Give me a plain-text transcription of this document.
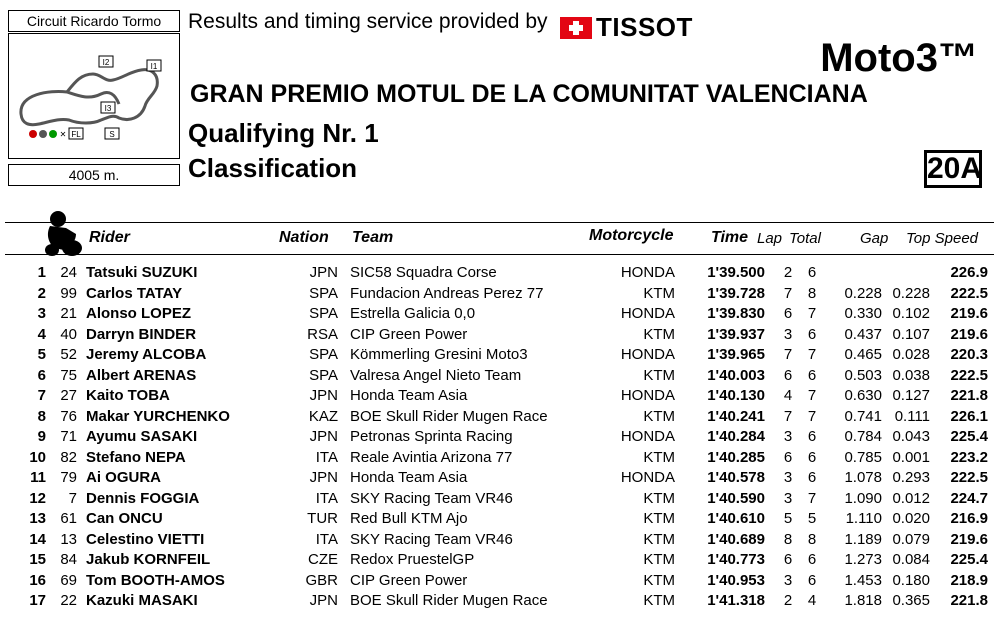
Circuit Ricardo Tormo
I2	I1
I3
✕ FL	S
4005 m.
Results and timing service provided by TISSOT
Moto3™
GRAN PREMIO MOTUL DE LA COMUNITAT VALENCIANA
Qualifying Nr. 1
Classification	20A
Rider	Nation Team	Motorcycle Time Lap Total	Gap Top Speed
1 24 Tatsuki SUZUKI	JPN SIC58 Squadra Corse	HONDA	1'39.500 2 6	226.9
2 99 Carlos TATAY	SPA Fundacion Andreas Perez 77	KTM	1'39.728 7 8	0.228 0.228	222.5
3 21 Alonso LOPEZ	SPA Estrella Galicia 0,0	HONDA	1'39.830 6 7	0.330 0.102	219.6
4 40 Darryn BINDER	RSA CIP Green Power	KTM	1'39.937 3 6	0.437 0.107	219.6
5 52 Jeremy ALCOBA	SPA Kömmerling Gresini Moto3	HONDA	1'39.965 7 7	0.465 0.028	220.3
6 75 Albert ARENAS	SPA Valresa Angel Nieto Team	KTM	1'40.003 6 6	0.503 0.038	222.5
7 27 Kaito TOBA	JPN Honda Team Asia	HONDA	1'40.130 4 7	0.630 0.127	221.8
8 76 Makar YURCHENKO	KAZ BOE Skull Rider Mugen Race	KTM	1'40.241 7 7	0.741 0.111	226.1
9 71 Ayumu SASAKI	JPN Petronas Sprinta Racing	HONDA	1'40.284 3 6	0.784 0.043	225.4
10 82 Stefano NEPA	ITA Reale Avintia Arizona 77	KTM	1'40.285 6 6	0.785 0.001	223.2
11 79 Ai OGURA	JPN Honda Team Asia	HONDA	1'40.578 3 6	1.078 0.293	222.5
12	7 Dennis FOGGIA	ITA SKY Racing Team VR46	KTM	1'40.590 3 7	1.090 0.012	224.7
13 61 Can ONCU	TUR Red Bull KTM Ajo	KTM	1'40.610 5 5	1.110 0.020	216.9
14 13 Celestino VIETTI	ITA SKY Racing Team VR46	KTM	1'40.689 8 8	1.189 0.079	219.6
15 84 Jakub KORNFEIL	CZE Redox PruestelGP	KTM	1'40.773 6 6	1.273 0.084	225.4
16 69 Tom BOOTH-AMOS	GBR CIP Green Power	KTM	1'40.953 3 6	1.453 0.180	218.9
17 22 Kazuki MASAKI	JPN BOE Skull Rider Mugen Race	KTM	1'41.318 2 4	1.818 0.365	221.8
